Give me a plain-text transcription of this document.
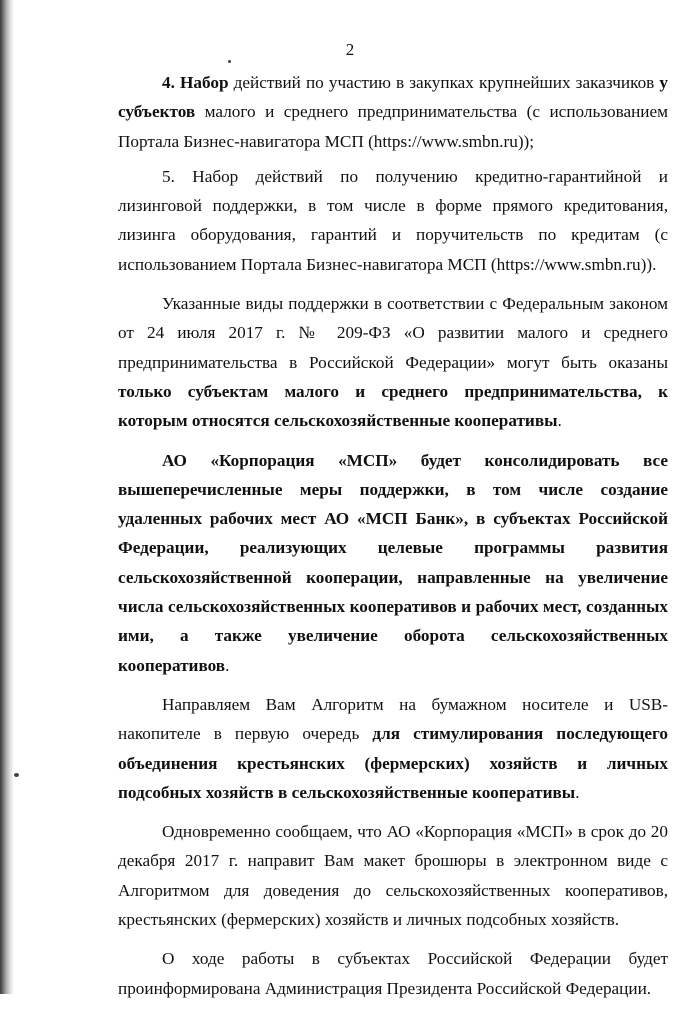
2

4. Набор действий по участию в закупках крупнейших заказчиков у субъектов малого и среднего предпринимательства (с использованием Портала Бизнес-навигатора МСП (https://www.smbn.ru));

5. Набор действий по получению кредитно-гарантийной и лизинговой поддержки, в том числе в форме прямого кредитования, лизинга оборудования, гарантий и поручительств по кредитам (с использованием Портала Бизнес-навигатора МСП (https://www.smbn.ru)).

Указанные виды поддержки в соответствии с Федеральным законом от 24 июля 2017 г. № 209-ФЗ «О развитии малого и среднего предпринимательства в Российской Федерации» могут быть оказаны только субъектам малого и среднего предпринимательства, к которым относятся сельскохозяйственные кооперативы.

АО «Корпорация «МСП» будет консолидировать все вышеперечисленные меры поддержки, в том числе создание удаленных рабочих мест АО «МСП Банк», в субъектах Российской Федерации, реализующих целевые программы развития сельскохозяйственной кооперации, направленные на увеличение числа сельскохозяйственных кооперативов и рабочих мест, созданных ими, а также увеличение оборота сельскохозяйственных кооперативов.

Направляем Вам Алгоритм на бумажном носителе и USB-накопителе в первую очередь для стимулирования последующего объединения крестьянских (фермерских) хозяйств и личных подсобных хозяйств в сельскохозяйственные кооперативы.

Одновременно сообщаем, что АО «Корпорация «МСП» в срок до 20 декабря 2017 г. направит Вам макет брошюры в электронном виде с Алгоритмом для доведения до сельскохозяйственных кооперативов, крестьянских (фермерских) хозяйств и личных подсобных хозяйств.

О ходе работы в субъектах Российской Федерации будет проинформирована Администрация Президента Российской Федерации.
